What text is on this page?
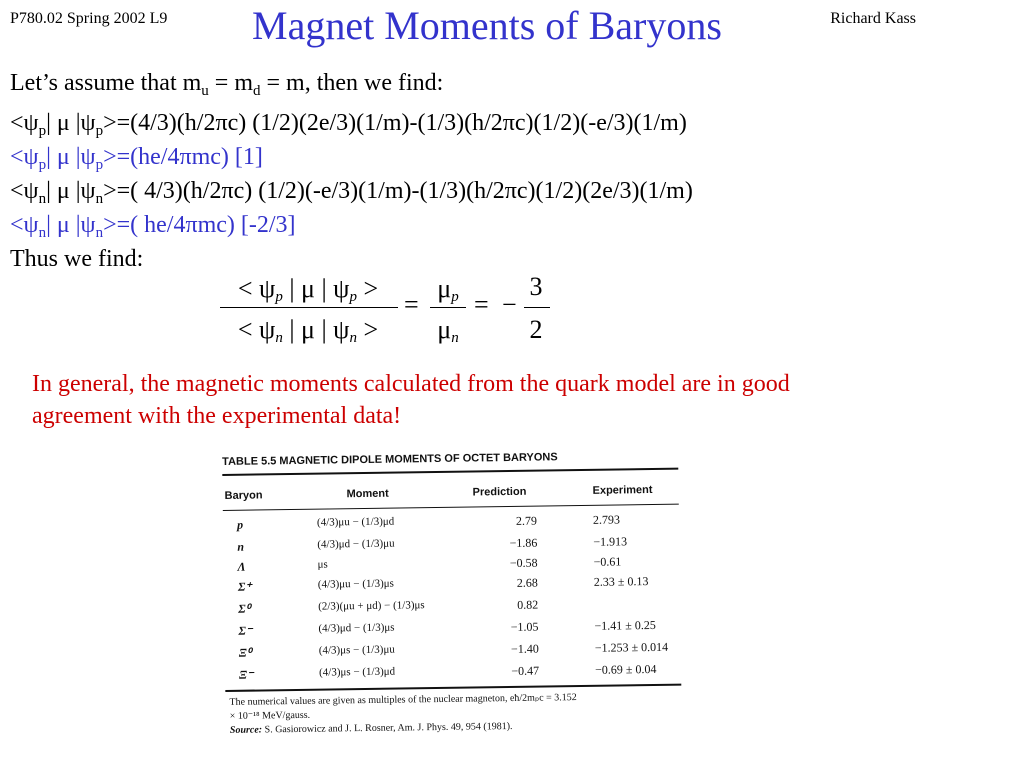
P780.02 Spring 2002 L9 Magnet Moments of Baryons	Richard Kass
Let’s assume that $m_u = m_d = m$, then we find:
$<\psi_p|$ μ $|\psi_p>=(4/3)(h/2\pi c)$ (1/2)(2e/3)(1/m)-(1/3)(h/2πc)(1/2)(-e/3)(1/m)
$<\psi_p|$ μ $|\psi_p>=(he/4\pi mc)$ [1]
$<\psi_n|$ μ $|\psi_n>=$( 4/3)(h/2πc) (1/2)(-e/3)(1/m)-(1/3)(h/2πc)(1/2)(2e/3)(1/m)
$<\psi_n|$ μ $|\psi_n>=$( he/4πmc) [-2/3]
Thus we find:
< ψp | μ | ψp >
< ψn | μ | ψn >
=
μp
μn
= −
3
2
In general, the magnetic moments calculated from the quark model are in good agreement with the experimental data!
TABLE 5.5 MAGNETIC DIPOLE MOMENTS OF OCTET BARYONS
Baryon	Moment	Prediction	Experiment
p	(4/3)μu − (1/3)μd	2.79	2.793
n	(4/3)μd − (1/3)μu	−1.86	−1.913
Λ	μs	−0.58	−0.61
Σ⁺	(4/3)μu − (1/3)μs	2.68	2.33 ± 0.13
Σ⁰	(2/3)(μu + μd) − (1/3)μs	0.82
Σ⁻	(4/3)μd − (1/3)μs	−1.05	−1.41 ± 0.25
Ξ⁰	(4/3)μs − (1/3)μu	−1.40	−1.253 ± 0.014
Ξ⁻	(4/3)μs − (1/3)μd	−0.47	−0.69 ± 0.04
The numerical values are given as multiples of the nuclear magneton, eħ/2mₚc = 3.152
× 10⁻¹⁸ MeV/gauss.
Source: S. Gasiorowicz and J. L. Rosner, Am. J. Phys. 49, 954 (1981).
